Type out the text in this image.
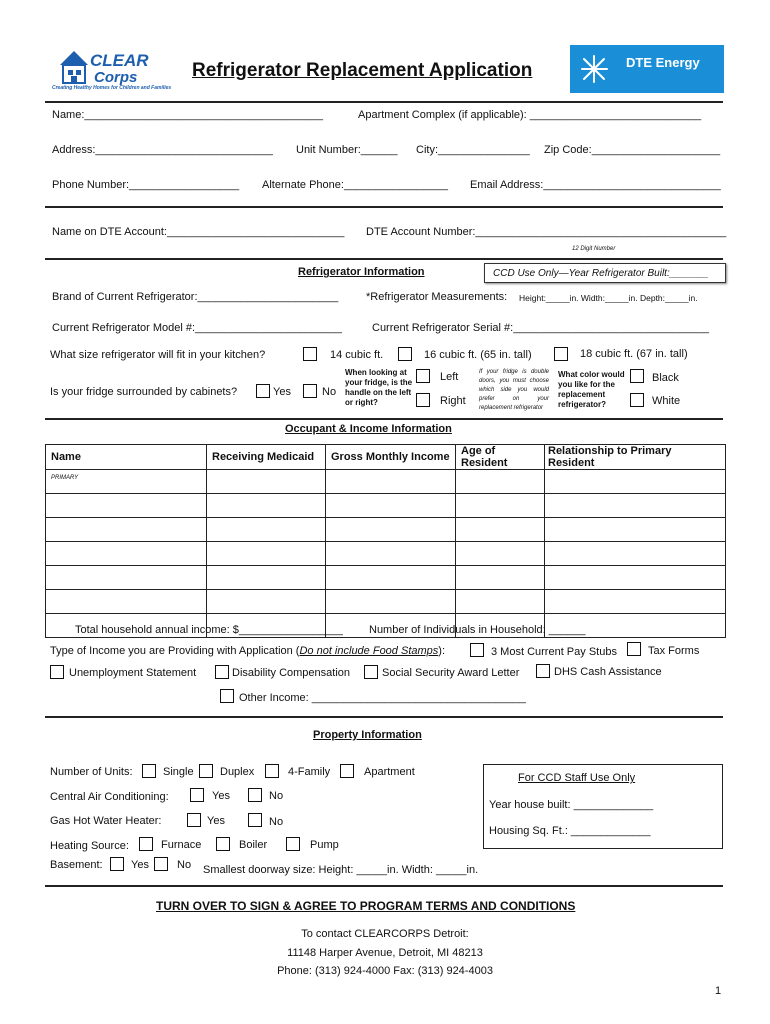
CLEAR
Corps
Creating Healthy Homes for Children and Families
Refrigerator Replacement Application	DTE Energy
Name:_______________________________________	Apartment Complex (if applicable): ____________________________
Address:_____________________________ Unit Number:______ City:_______________ Zip Code:_____________________
Phone Number:__________________ Alternate Phone:_________________ Email Address:_____________________________
Name on DTE Account:_____________________________ DTE Account Number:_________________________________________
12 Digit Number
Refrigerator Information	CCD Use Only—Year Refrigerator Built:_______
Brand of Current Refrigerator:_______________________	*Refrigerator Measurements: Height:_____in. Width:_____in. Depth:_____in.
Current Refrigerator Model #:________________________	Current Refrigerator Serial #:________________________________
What size refrigerator will fit in your kitchen?	14 cubic ft.	16 cubic ft. (65 in. tall)	18 cubic ft. (67 in. tall)
Is your fridge surrounded by cabinets?	Yes	No
When looking at your fridge, is the handle on the left or right?
Left
Right
If your fridge is double doors, you must choose which side you would prefer on your replacement refrigerator
What color would you like for the replacement refrigerator?
Black
White
Occupant & Income Information
Name	Receiving Medicaid	Gross Monthly Income	Age of Resident	Relationship to Primary Resident
PRIMARY				

Total household annual income: $_________________ Number of Individuals in Household: ______
Type of Income you are Providing with Application (Do not include Food Stamps):	3 Most Current Pay Stubs	Tax Forms
Unemployment Statement	Disability Compensation	Social Security Award Letter	DHS Cash Assistance
Other Income: ___________________________________
Property Information
Number of Units:	Single Duplex	4-Family	Apartment
Central Air Conditioning:	Yes	No
Gas Hot Water Heater:	Yes	No
Heating Source:	Furnace	Boiler	Pump
Basement:	Yes	No Smallest doorway size: Height: _____in. Width: _____in.
For CCD Staff Use Only
Year house built: _____________
Housing Sq. Ft.: _____________
TURN OVER TO SIGN & AGREE TO PROGRAM TERMS AND CONDITIONS
To contact CLEARCORPS Detroit:
11148 Harper Avenue, Detroit, MI 48213
Phone: (313) 924-4000 Fax: (313) 924-4003
1
